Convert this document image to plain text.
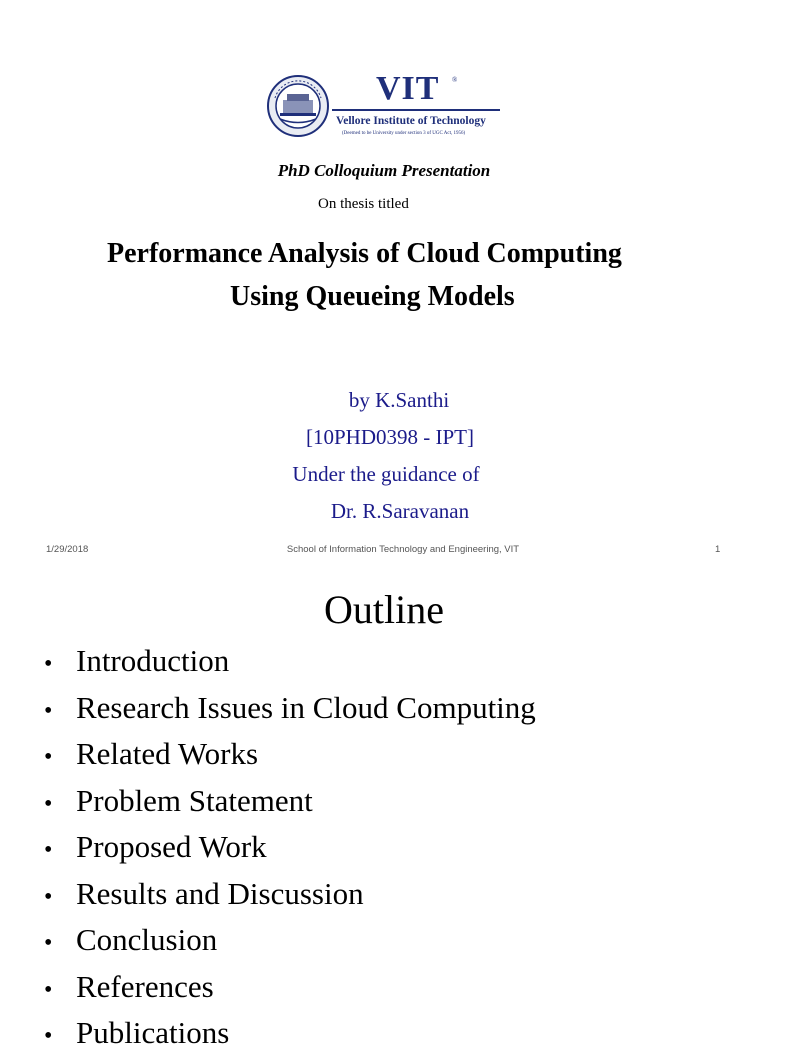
VIT ®
Vellore Institute of Technology
(Deemed to be University under section 3 of UGC Act, 1956)
PhD Colloquium Presentation
On thesis titled
Performance Analysis of Cloud Computing
Using Queueing Models
by K.Santhi
[10PHD0398 - IPT]
Under the guidance of
Dr. R.Saravanan
1/29/2018	School of Information Technology and Engineering, VIT	1
Outline
• Introduction
• Research Issues in Cloud Computing
• Related Works
• Problem Statement
• Proposed Work
• Results and Discussion
• Conclusion
• References
• Publications
